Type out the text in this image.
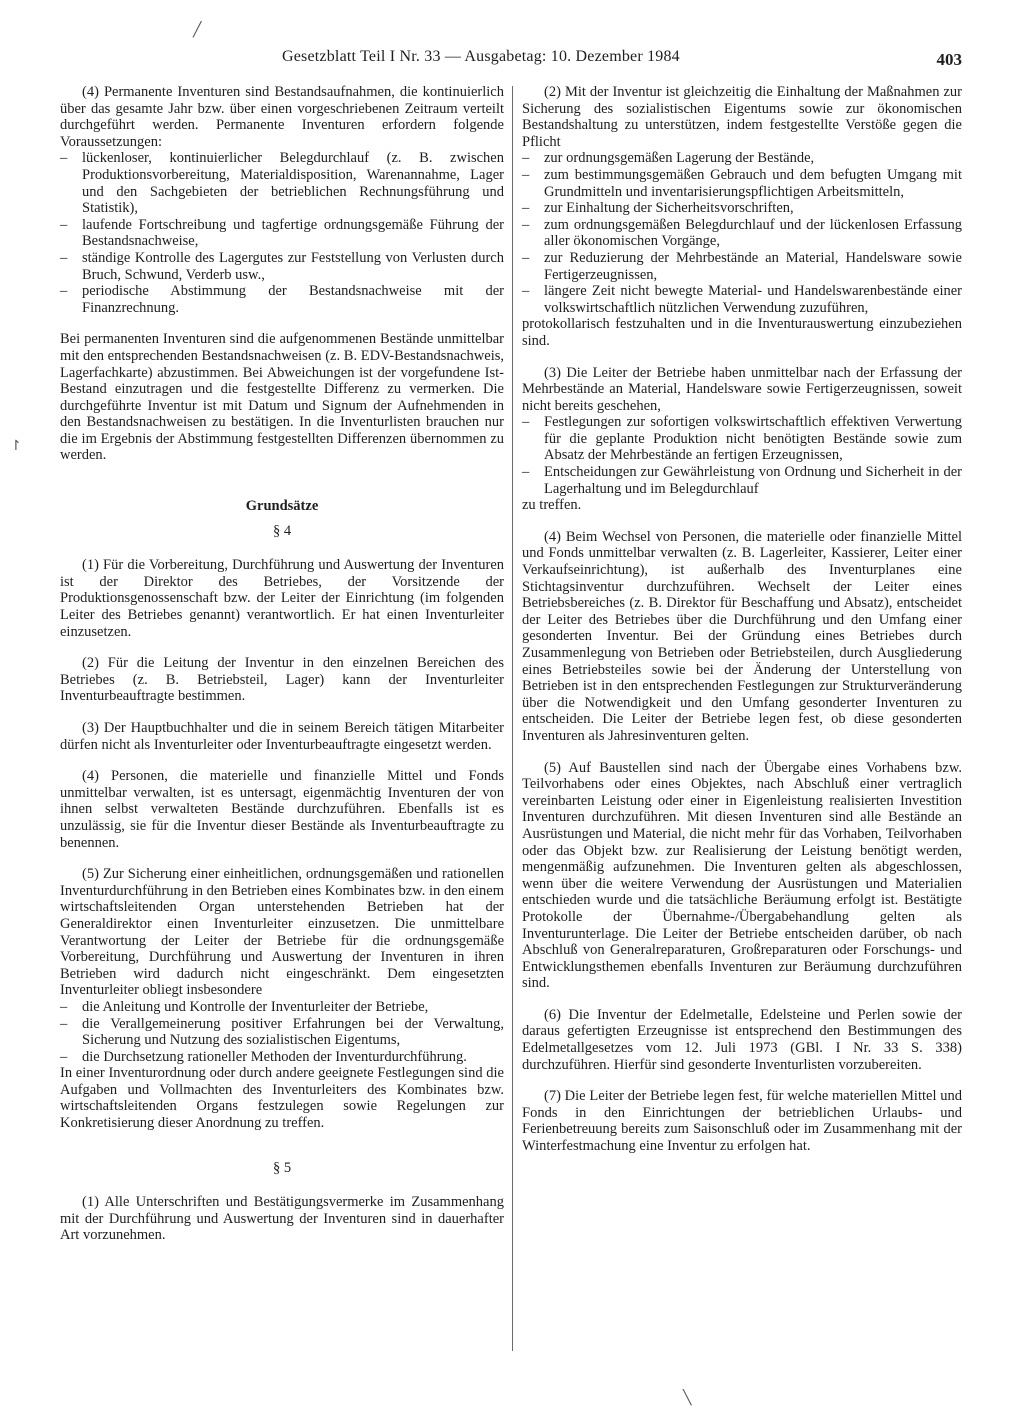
Gesetzblatt Teil I Nr. 33 — Ausgabetag: 10. Dezember 1984	403
╱
↾

(4) Permanente Inventuren sind Bestandsaufnahmen, die kontinuierlich über das gesamte Jahr bzw. über einen vorgeschriebenen Zeitraum verteilt durchgeführt werden. Permanente Inventuren erfordern folgende Voraussetzungen:

– lückenloser, kontinuierlicher Belegdurchlauf (z. B. zwischen Produktionsvorbereitung, Materialdisposition, Warenannahme, Lager und den Sachgebieten der betrieblichen Rechnungsführung und Statistik),
– laufende Fortschreibung und tagfertige ordnungsgemäße Führung der Bestandsnachweise,
– ständige Kontrolle des Lagergutes zur Feststellung von Verlusten durch Bruch, Schwund, Verderb usw.,
– periodische Abstimmung der Bestandsnachweise mit der Finanzrechnung.

Bei permanenten Inventuren sind die aufgenommenen Bestände unmittelbar mit den entsprechenden Bestandsnachweisen (z. B. EDV-Bestandsnachweis, Lagerfachkarte) abzustimmen. Bei Abweichungen ist der vorgefundene Ist-Bestand einzutragen und die festgestellte Differenz zu vermerken. Die durchgeführte Inventur ist mit Datum und Signum der Aufnehmenden in den Bestandsnachweisen zu bestätigen. In die Inventurlisten brauchen nur die im Ergebnis der Abstimmung festgestellten Differenzen übernommen zu werden.

Grundsätze
§ 4

(1) Für die Vorbereitung, Durchführung und Auswertung der Inventuren ist der Direktor des Betriebes, der Vorsitzende der Produktionsgenossenschaft bzw. der Leiter der Einrichtung (im folgenden Leiter des Betriebes genannt) verantwortlich. Er hat einen Inventurleiter einzusetzen.

(2) Für die Leitung der Inventur in den einzelnen Bereichen des Betriebes (z. B. Betriebsteil, Lager) kann der Inventurleiter Inventurbeauftragte bestimmen.

(3) Der Hauptbuchhalter und die in seinem Bereich tätigen Mitarbeiter dürfen nicht als Inventurleiter oder Inventurbeauftragte eingesetzt werden.

(4) Personen, die materielle und finanzielle Mittel und Fonds unmittelbar verwalten, ist es untersagt, eigenmächtig Inventuren der von ihnen selbst verwalteten Bestände durchzuführen. Ebenfalls ist es unzulässig, sie für die Inventur dieser Bestände als Inventurbeauftragte zu benennen.

(5) Zur Sicherung einer einheitlichen, ordnungsgemäßen und rationellen Inventurdurchführung in den Betrieben eines Kombinates bzw. in den einem wirtschaftsleitenden Organ unterstehenden Betrieben hat der Generaldirektor einen Inventurleiter einzusetzen. Die unmittelbare Verantwortung der Leiter der Betriebe für die ordnungsgemäße Vorbereitung, Durchführung und Auswertung der Inventuren in ihren Betrieben wird dadurch nicht eingeschränkt. Dem eingesetzten Inventurleiter obliegt insbesondere

– die Anleitung und Kontrolle der Inventurleiter der Betriebe,
– die Verallgemeinerung positiver Erfahrungen bei der Verwaltung, Sicherung und Nutzung des sozialistischen Eigentums,
– die Durchsetzung rationeller Methoden der Inventurdurchführung.

In einer Inventurordnung oder durch andere geeignete Festlegungen sind die Aufgaben und Vollmachten des Inventurleiters des Kombinates bzw. wirtschaftsleitenden Organs festzulegen sowie Regelungen zur Konkretisierung dieser Anordnung zu treffen.

§ 5

(1) Alle Unterschriften und Bestätigungsvermerke im Zusammenhang mit der Durchführung und Auswertung der Inventuren sind in dauerhafter Art vorzunehmen.

(2) Mit der Inventur ist gleichzeitig die Einhaltung der Maßnahmen zur Sicherung des sozialistischen Eigentums sowie zur ökonomischen Bestandshaltung zu unterstützen, indem festgestellte Verstöße gegen die Pflicht

– zur ordnungsgemäßen Lagerung der Bestände,
– zum bestimmungsgemäßen Gebrauch und dem befugten Umgang mit Grundmitteln und inventarisierungspflichtigen Arbeitsmitteln,
– zur Einhaltung der Sicherheitsvorschriften,
– zum ordnungsgemäßen Belegdurchlauf und der lückenlosen Erfassung aller ökonomischen Vorgänge,
– zur Reduzierung der Mehrbestände an Material, Handelsware sowie Fertigerzeugnissen,
– längere Zeit nicht bewegte Material- und Handelswarenbestände einer volkswirtschaftlich nützlichen Verwendung zuzuführen,

protokollarisch festzuhalten und in die Inventurauswertung einzubeziehen sind.

(3) Die Leiter der Betriebe haben unmittelbar nach der Erfassung der Mehrbestände an Material, Handelsware sowie Fertigerzeugnissen, soweit nicht bereits geschehen,

– Festlegungen zur sofortigen volkswirtschaftlich effektiven Verwertung für die geplante Produktion nicht benötigten Bestände sowie zum Absatz der Mehrbestände an fertigen Erzeugnissen,
– Entscheidungen zur Gewährleistung von Ordnung und Sicherheit in der Lagerhaltung und im Belegdurchlauf

zu treffen.

(4) Beim Wechsel von Personen, die materielle oder finanzielle Mittel und Fonds unmittelbar verwalten (z. B. Lagerleiter, Kassierer, Leiter einer Verkaufseinrichtung), ist außerhalb des Inventurplanes eine Stichtagsinventur durchzuführen. Wechselt der Leiter eines Betriebsbereiches (z. B. Direktor für Beschaffung und Absatz), entscheidet der Leiter des Betriebes über die Durchführung und den Umfang einer gesonderten Inventur. Bei der Gründung eines Betriebes durch Zusammenlegung von Betrieben oder Betriebsteilen, durch Ausgliederung eines Betriebsteiles sowie bei der Änderung der Unterstellung von Betrieben ist in den entsprechenden Festlegungen zur Strukturveränderung über die Notwendigkeit und den Umfang gesonderter Inventuren zu entscheiden. Die Leiter der Betriebe legen fest, ob diese gesonderten Inventuren als Jahresinventuren gelten.

(5) Auf Baustellen sind nach der Übergabe eines Vorhabens bzw. Teilvorhabens oder eines Objektes, nach Abschluß einer vertraglich vereinbarten Leistung oder einer in Eigenleistung realisierten Investition Inventuren durchzuführen. Mit diesen Inventuren sind alle Bestände an Ausrüstungen und Material, die nicht mehr für das Vorhaben, Teilvorhaben oder das Objekt bzw. zur Realisierung der Leistung benötigt werden, mengenmäßig aufzunehmen. Die Inventuren gelten als abgeschlossen, wenn über die weitere Verwendung der Ausrüstungen und Materialien entschieden wurde und die tatsächliche Beräumung erfolgt ist. Bestätigte Protokolle der Übernahme-/Übergabehandlung gelten als Inventurunterlage. Die Leiter der Betriebe entscheiden darüber, ob nach Abschluß von Generalreparaturen, Großreparaturen oder Forschungs- und Entwicklungsthemen ebenfalls Inventuren zur Beräumung durchzuführen sind.

(6) Die Inventur der Edelmetalle, Edelsteine und Perlen sowie der daraus gefertigten Erzeugnisse ist entsprechend den Bestimmungen des Edelmetallgesetzes vom 12. Juli 1973 (GBl. I Nr. 33 S. 338) durchzuführen. Hierfür sind gesonderte Inventurlisten vorzubereiten.

(7) Die Leiter der Betriebe legen fest, für welche materiellen Mittel und Fonds in den Einrichtungen der betrieblichen Urlaubs- und Ferienbetreuung bereits zum Saisonschluß oder im Zusammenhang mit der Winterfestmachung eine Inventur zu erfolgen hat.

╲
